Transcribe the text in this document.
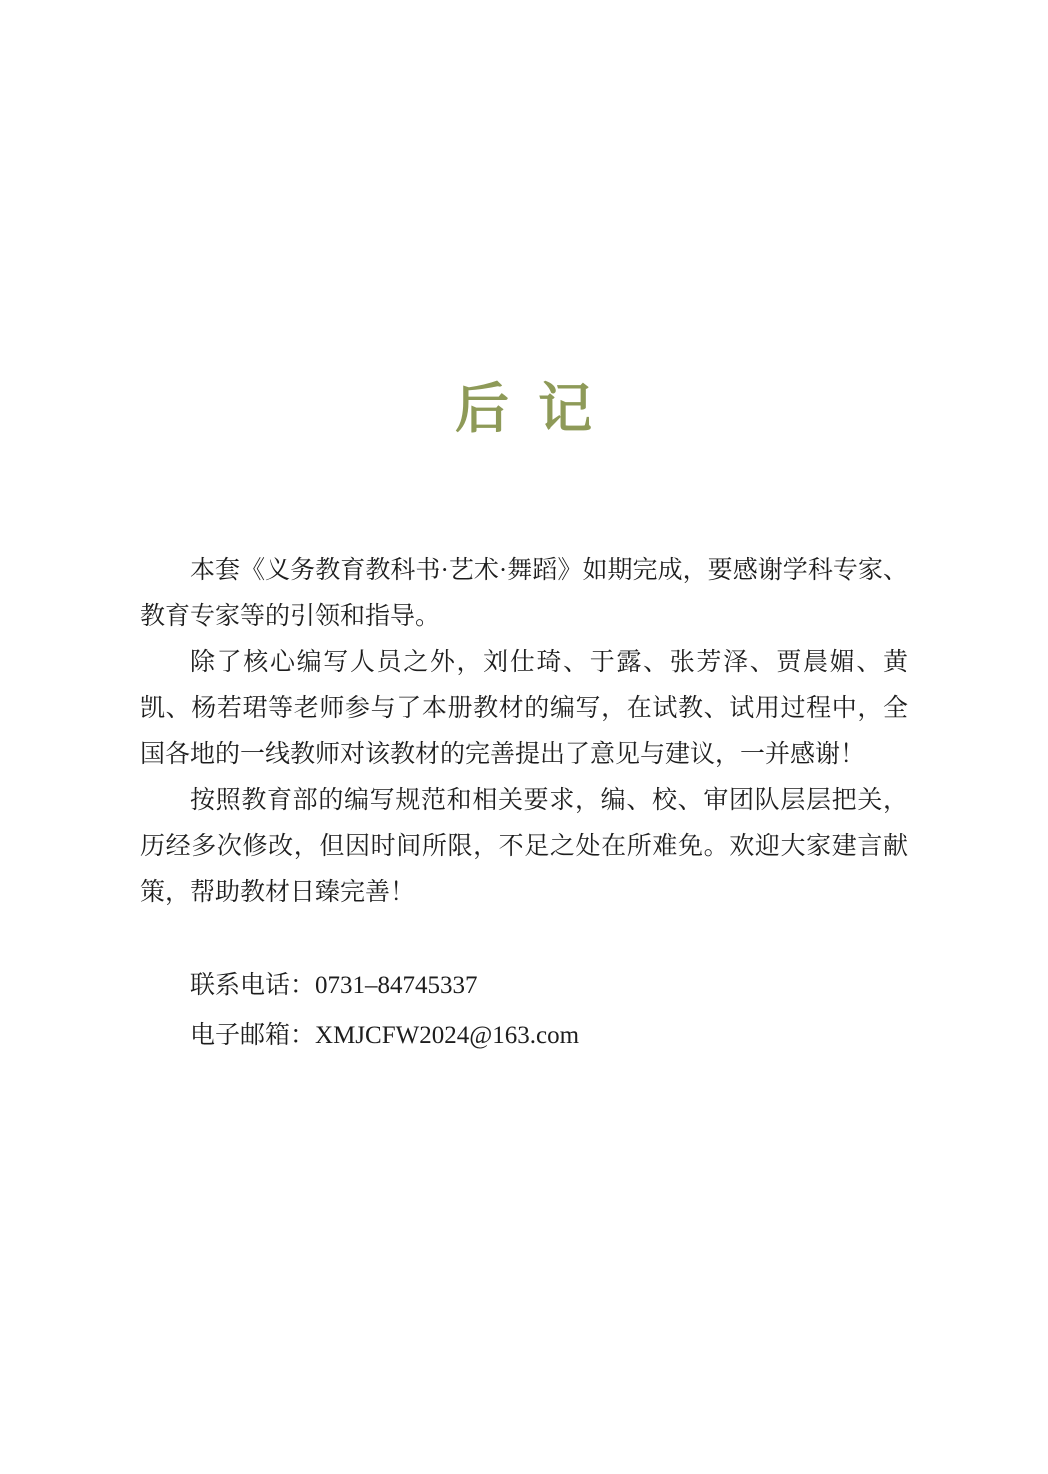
后 记

本套《义务教育教科书·艺术·舞蹈》如期完成，要感谢学科专家、教育专家等的引领和指导。

除了核心编写人员之外，刘仕琦、于露、张芳泽、贾晨媚、黄凯、杨若珺等老师参与了本册教材的编写，在试教、试用过程中，全国各地的一线教师对该教材的完善提出了意见与建议，一并感谢！

按照教育部的编写规范和相关要求，编、校、审团队层层把关，历经多次修改，但因时间所限，不足之处在所难免。欢迎大家建言献策，帮助教材日臻完善！

联系电话：0731–84745337

电子邮箱：XMJCFW2024@163.com
